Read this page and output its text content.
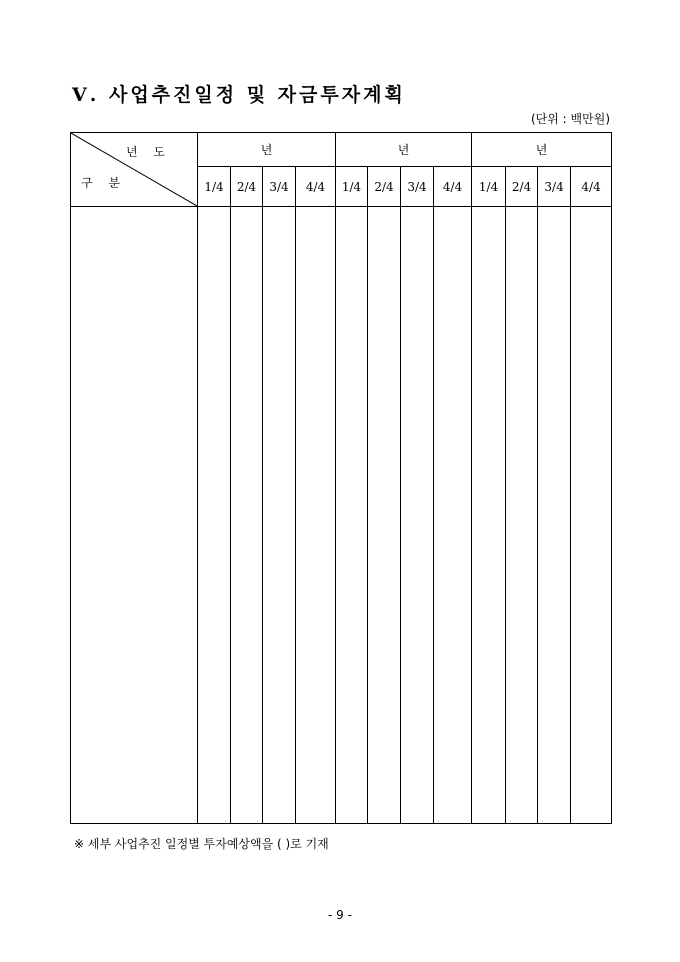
Ⅴ. 사업추진일정 및 자금투자계획
(단위 : 백만원)
년 도
구 분	년				년				년			
	1/4	2/4	3/4	4/4	1/4	2/4	3/4	4/4	1/4	2/4	3/4	4/4

※ 세부 사업추진 일정별 투자예상액을 ( )로 기재
- 9 -
